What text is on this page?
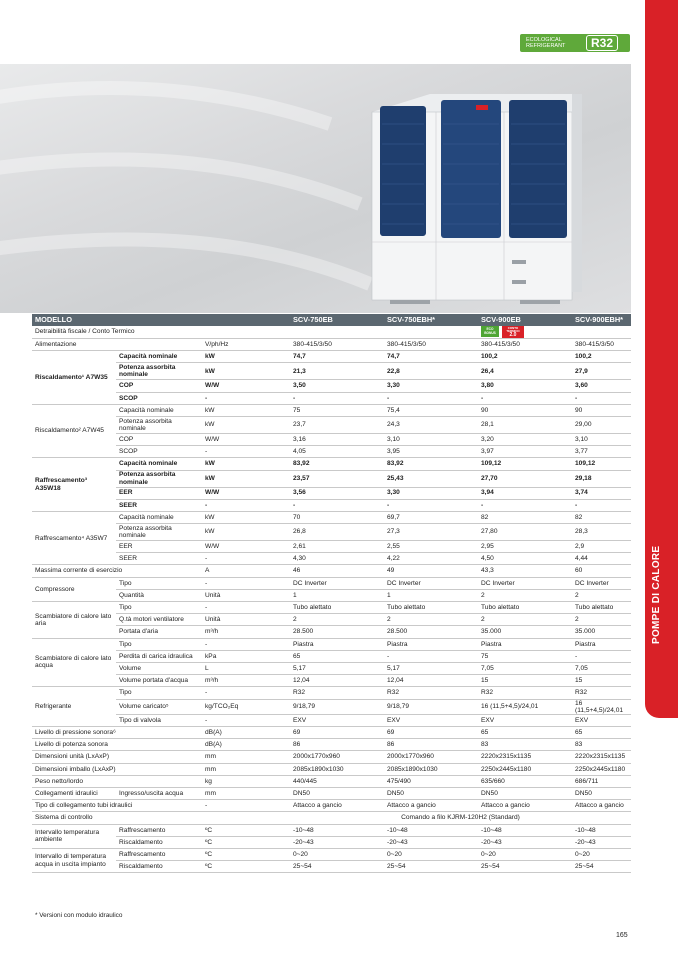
ECOLOGICAL
REFRIGERANT	R32
POMPE DI CALORE
MODELLO				SCV-750EB	SCV-750EBH*	SCV-900EB	SCV-900EBH*
Detraibilità fiscale / Conto Termico						ECO
BONUS
CONTO
TERMICO
2.0	

Alimentazione		V/ph/Hz		380-415/3/50	380-415/3/50	380-415/3/50	380-415/3/50
Riscaldamento¹ A7W35	Capacità nominale	kW		74,7	74,7	100,2	100,2
	Potenza assorbita nominale	kW		21,3	22,8	26,4	27,9
	COP	W/W		3,50	3,30	3,80	3,60
	SCOP	-		-	-	-	-
Riscaldamento² A7W45	Capacità nominale	kW		75	75,4	90	90
	Potenza assorbita nominale	kW		23,7	24,3	28,1	29,00
	COP	W/W		3,16	3,10	3,20	3,10
	SCOP	-		4,05	3,95	3,97	3,77
Raffrescamento³ A35W18	Capacità nominale	kW		83,92	83,92	109,12	109,12
	Potenza assorbita nominale	kW		23,57	25,43	27,70	29,18
	EER	W/W		3,56	3,30	3,94	3,74
	SEER	-		-	-	-	-
Raffrescamento⁴ A35W7	Capacità nominale	kW		70	69,7	82	82
	Potenza assorbita nominale	kW		26,8	27,3	27,80	28,3
	EER	W/W		2,61	2,55	2,95	2,9
	SEER	-		4,30	4,22	4,50	4,44
Massima corrente di esercizio		A		46	49	43,3	60
Compressore	Tipo	-		DC Inverter	DC Inverter	DC Inverter	DC Inverter
	Quantità	Unità		1	1	2	2
Scambiatore di calore lato aria	Tipo	-		Tubo alettato	Tubo alettato	Tubo alettato	Tubo alettato
	Q.tà motori ventilatore	Unità		2	2	2	2
	Portata d'aria	m³/h		28.500	28.500	35.000	35.000
Scambiatore di calore lato acqua	Tipo	-		Piastra	Piastra	Piastra	Piastra
	Perdita di carica idraulica	kPa		65	-	75	-
	Volume	L		5,17	5,17	7,05	7,05
	Volume portata d'acqua	m³/h		12,04	12,04	15	15
Refrigerante	Tipo	-		R32	R32	R32	R32
	Volume caricato⁵	kg/TCO₂Eq		9/18,79	9/18,79	16 (11,5+4,5)/24,01	16 (11,5+4,5)/24,01
	Tipo di valvola	-		EXV	EXV	EXV	EXV
Livello di pressione sonora⁶		dB(A)		69	69	65	65
Livello di potenza sonora		dB(A)		86	86	83	83
Dimensioni unità (LxAxP)		mm		2000x1770x960	2000x1770x960	2220x2315x1135	2220x2315x1135
Dimensioni imballo (LxAxP)		mm		2085x1890x1030	2085x1890x1030	2250x2445x1180	2250x2445x1180
Peso netto/lordo		kg		440/445	475/490	635/660	686/711
Collegamenti idraulici	Ingresso/uscita acqua	mm		DN50	DN50	DN50	DN50
Tipo di collegamento tubi idraulici		-		Attacco a gancio	Attacco a gancio	Attacco a gancio	Attacco a gancio
Sistema di controllo				Comando a filo KJRM-120H2 (Standard)			
Intervallo temperatura ambiente	Raffrescamento	ºC		-10~48	-10~48	-10~48	-10~48
	Riscaldamento	ºC		-20~43	-20~43	-20~43	-20~43
Intervallo di temperatura acqua in uscita impianto	Raffrescamento	ºC		0~20	0~20	0~20	0~20
	Riscaldamento	ºC		25~54	25~54	25~54	25~54
* Versioni con modulo idraulico
165
